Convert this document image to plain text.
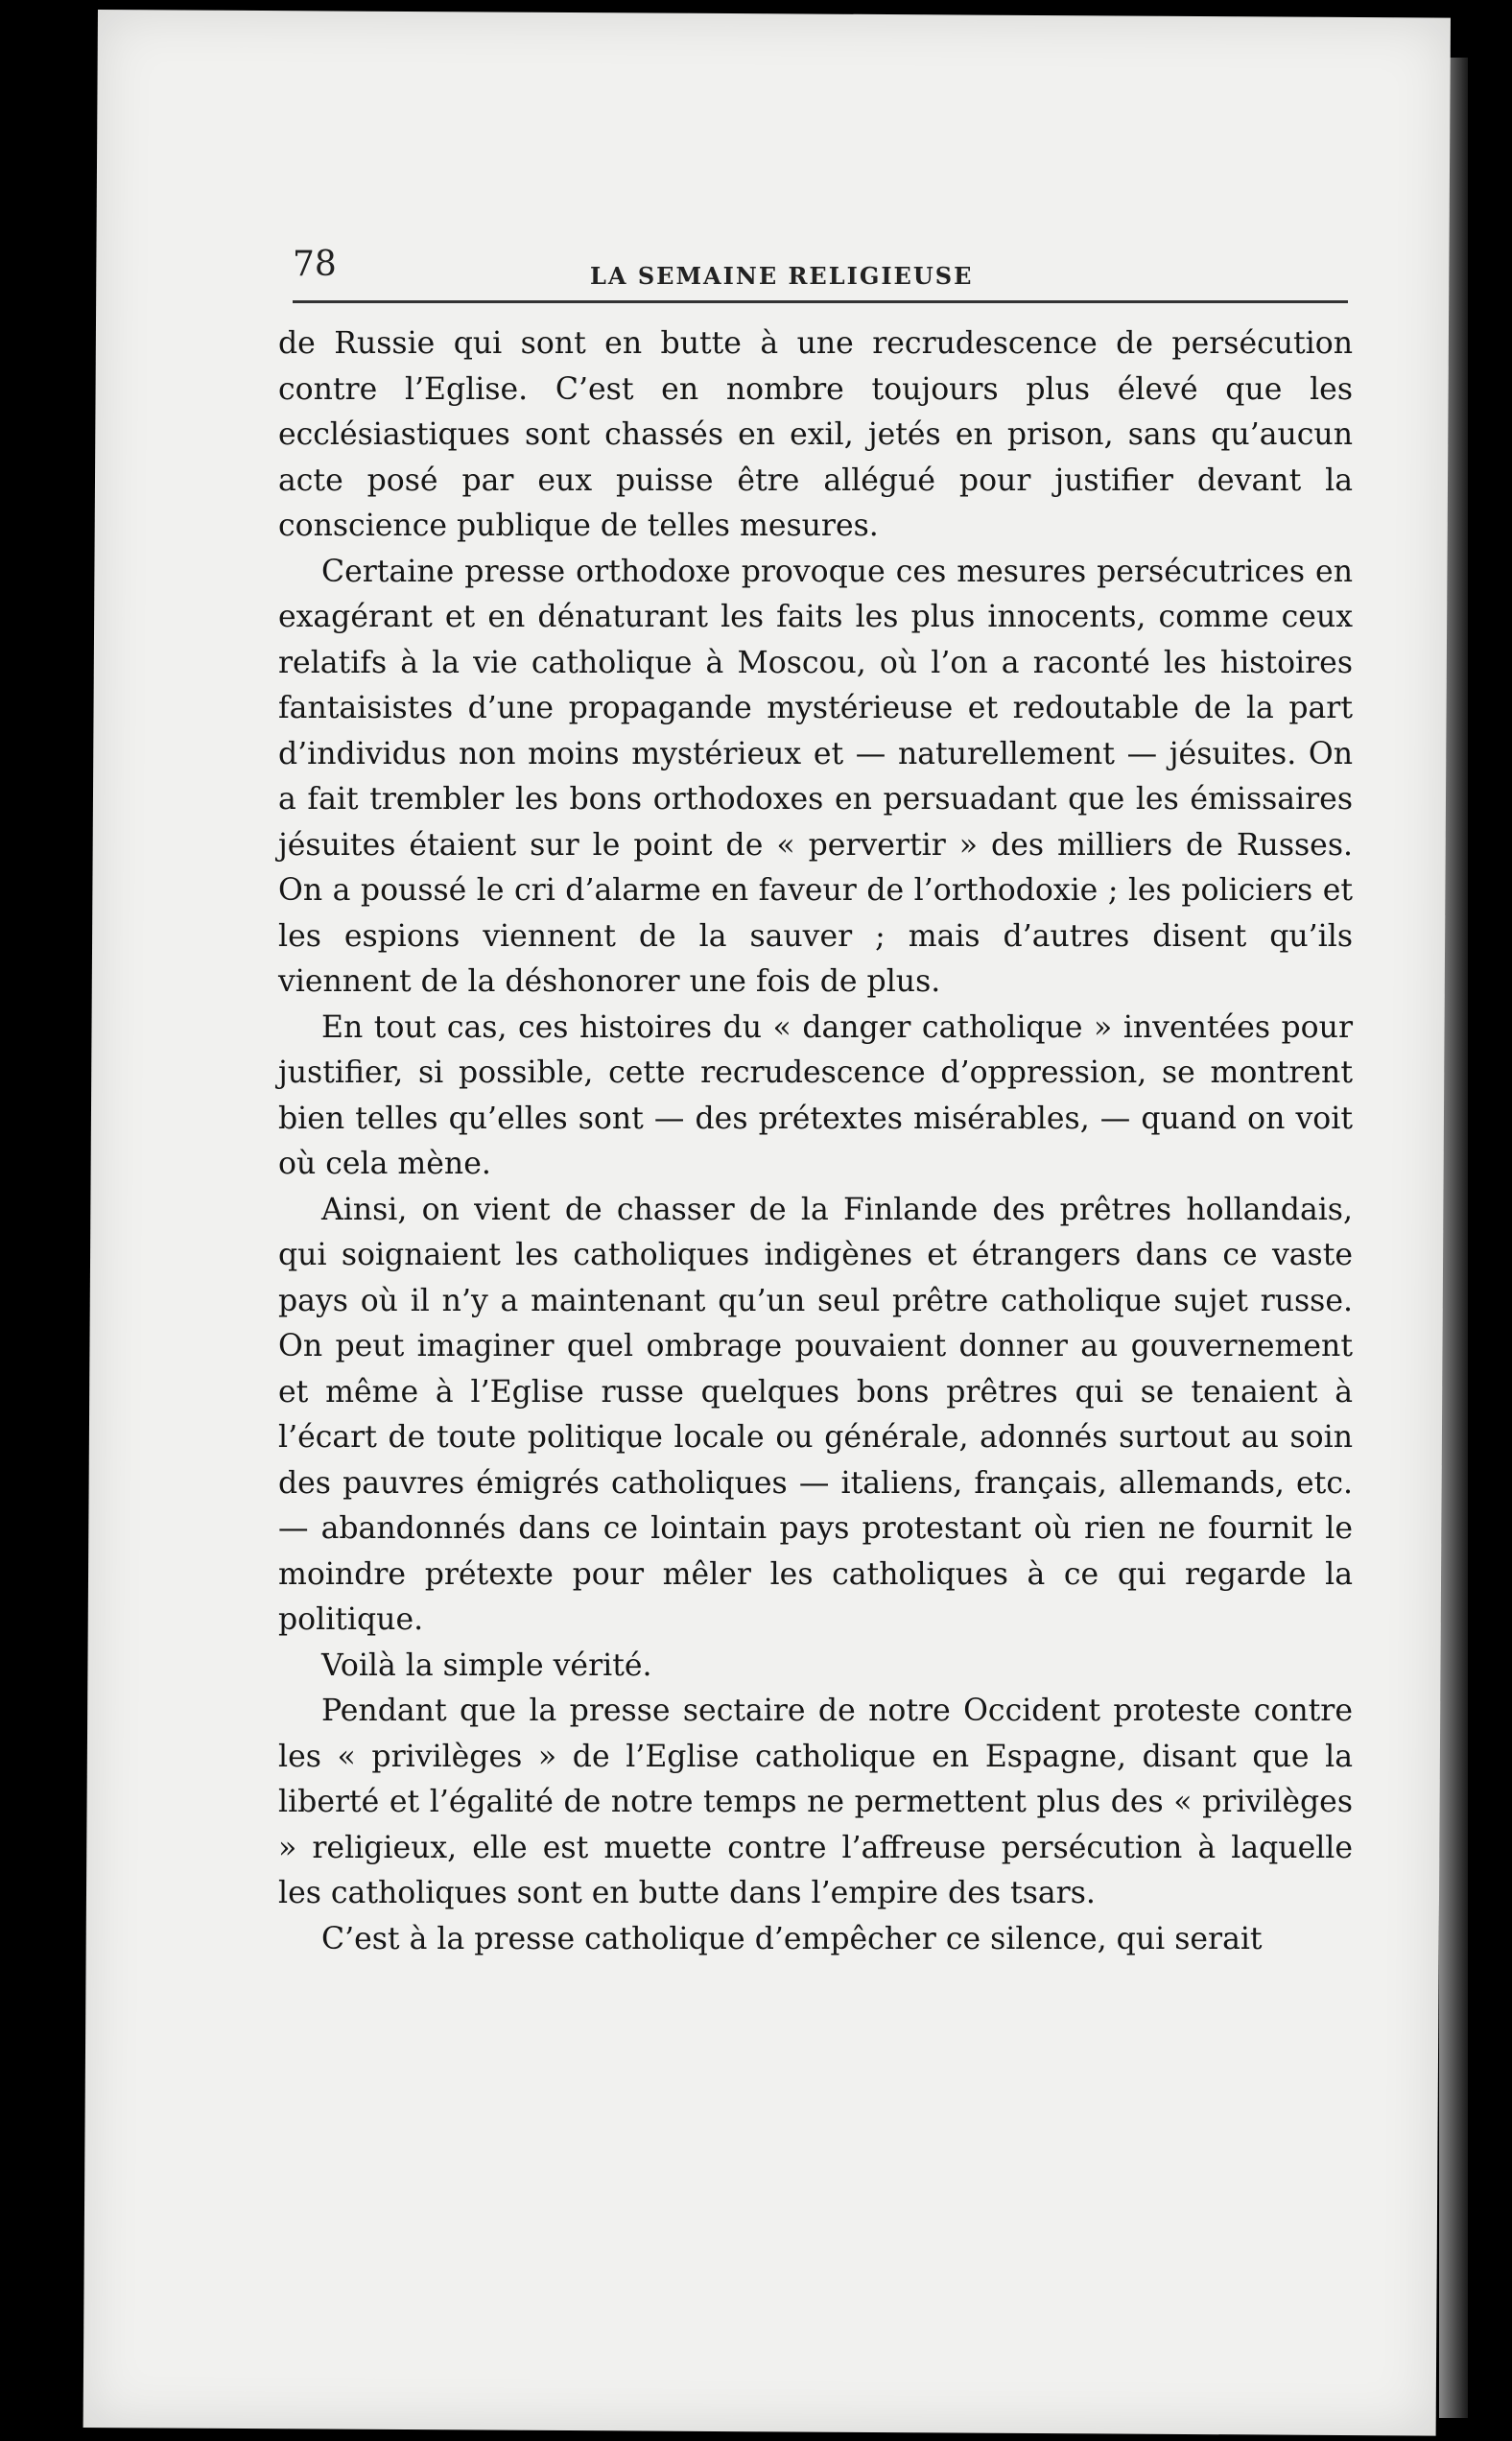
78	LA SEMAINE RELIGIEUSE

de Russie qui sont en butte à une recrudescence de persécution contre l’Eglise. C’est en nombre toujours plus élevé que les ecclésiastiques sont chassés en exil, jetés en prison, sans qu’aucun acte posé par eux puisse être allégué pour justifier devant la conscience publique de telles mesures.

Certaine presse orthodoxe provoque ces mesures persécutrices en exagérant et en dénaturant les faits les plus innocents, comme ceux relatifs à la vie catholique à Moscou, où l’on a raconté les histoires fantaisistes d’une propagande mystérieuse et redoutable de la part d’individus non moins mystérieux et — naturellement — jésuites. On a fait trembler les bons orthodoxes en persuadant que les émissaires jésuites étaient sur le point de « pervertir » des milliers de Russes. On a poussé le cri d’alarme en faveur de l’orthodoxie ; les policiers et les espions viennent de la sauver ; mais d’autres disent qu’ils viennent de la déshonorer une fois de plus.

En tout cas, ces histoires du « danger catholique » inventées pour justifier, si possible, cette recrudescence d’oppression, se montrent bien telles qu’elles sont — des prétextes misérables, — quand on voit où cela mène.

Ainsi, on vient de chasser de la Finlande des prêtres hollandais, qui soignaient les catholiques indigènes et étrangers dans ce vaste pays où il n’y a maintenant qu’un seul prêtre catholique sujet russe. On peut imaginer quel ombrage pouvaient donner au gouvernement et même à l’Eglise russe quelques bons prêtres qui se tenaient à l’écart de toute politique locale ou générale, adonnés surtout au soin des pauvres émigrés catholiques — italiens, français, allemands, etc. — abandonnés dans ce lointain pays protestant où rien ne fournit le moindre prétexte pour mêler les catholiques à ce qui regarde la politique.

Voilà la simple vérité.

Pendant que la presse sectaire de notre Occident proteste contre les « privilèges » de l’Eglise catholique en Espagne, disant que la liberté et l’égalité de notre temps ne permettent plus des « privilèges » religieux, elle est muette contre l’affreuse persécution à laquelle les catholiques sont en butte dans l’empire des tsars.

C’est à la presse catholique d’empêcher ce silence, qui serait
